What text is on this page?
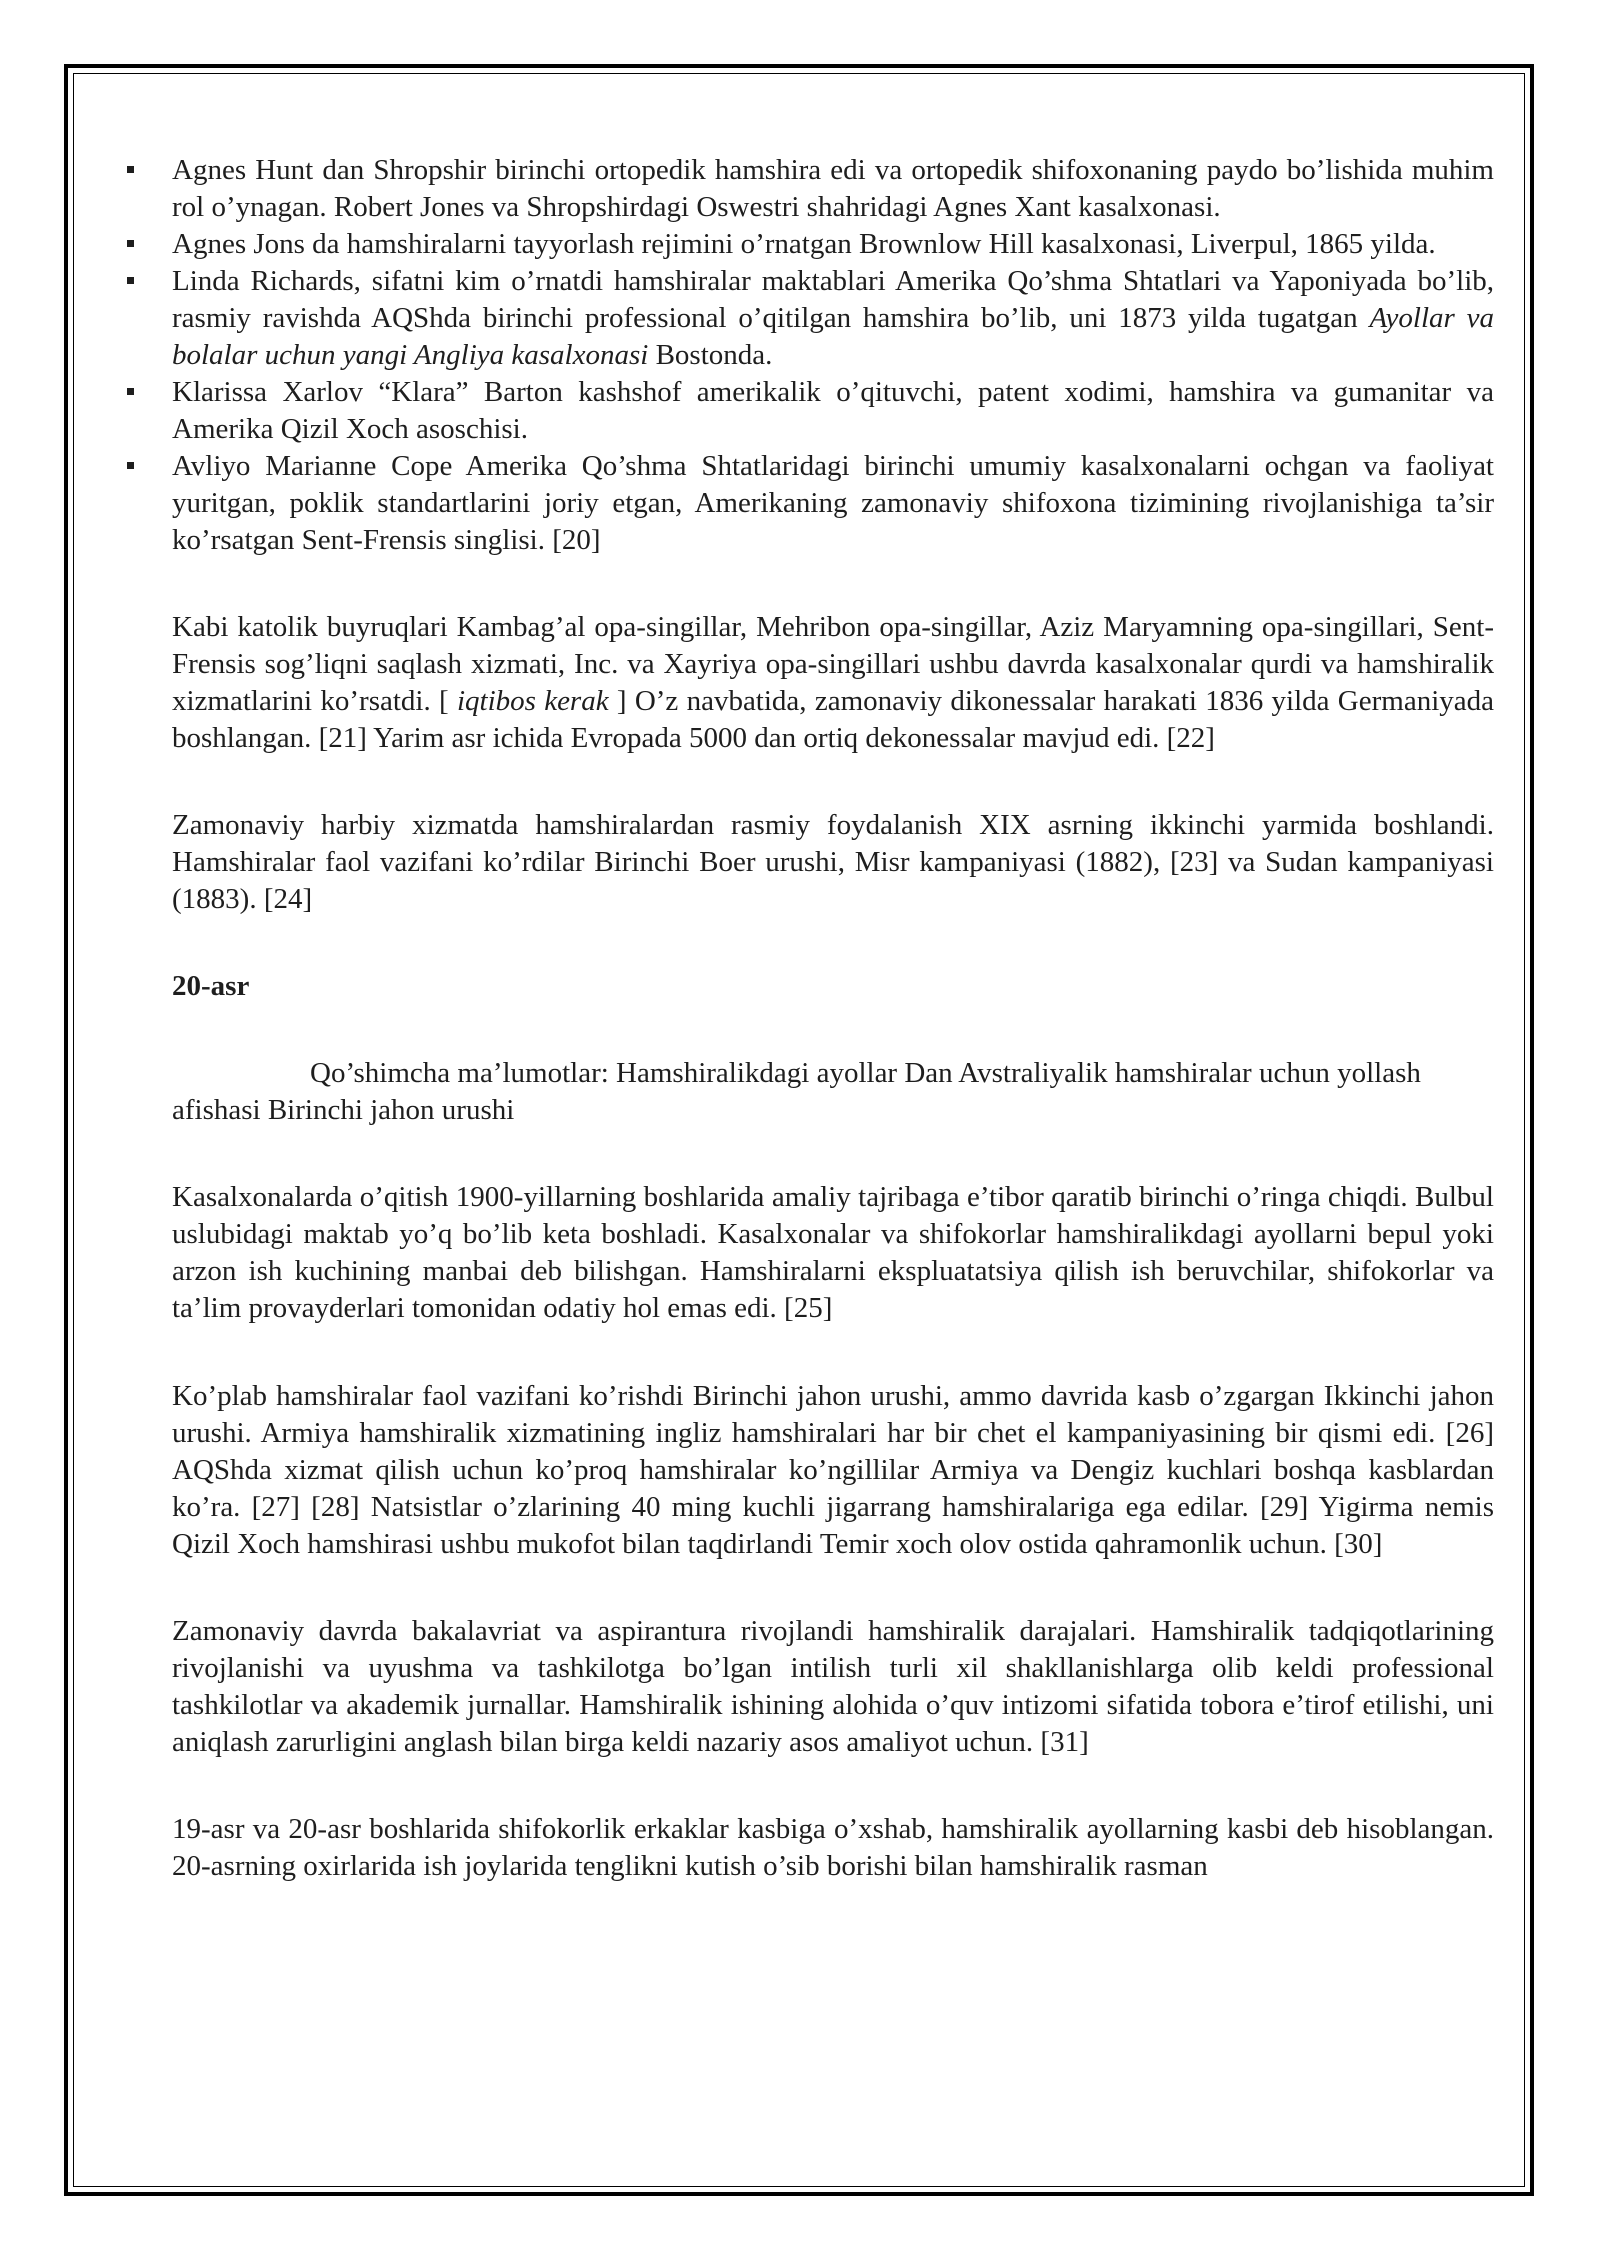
Agnes Hunt dan Shropshir birinchi ortopedik hamshira edi va ortopedik shifoxonaning paydo bo’lishida muhim rol o’ynagan. Robert Jones va Shropshirdagi Oswestri shahridagi Agnes Xant kasalxonasi.
Agnes Jons da hamshiralarni tayyorlash rejimini o’rnatgan Brownlow Hill kasalxonasi, Liverpul, 1865 yilda.
Linda Richards, sifatni kim o’rnatdi hamshiralar maktablari Amerika Qo’shma Shtatlari va Yaponiyada bo’lib, rasmiy ravishda AQShda birinchi professional o’qitilgan hamshira bo’lib, uni 1873 yilda tugatgan Ayollar va bolalar uchun yangi Angliya kasalxonasi Bostonda.
Klarissa Xarlov “Klara” Barton kashshof amerikalik o’qituvchi, patent xodimi, hamshira va gumanitar va Amerika Qizil Xoch asoschisi.
Avliyo Marianne Cope Amerika Qo’shma Shtatlaridagi birinchi umumiy kasalxonalarni ochgan va faoliyat yuritgan, poklik standartlarini joriy etgan, Amerikaning zamonaviy shifoxona tizimining rivojlanishiga ta’sir ko’rsatgan Sent-Frensis singlisi. [20]

Kabi katolik buyruqlari Kambag’al opa-singillar, Mehribon opa-singillar, Aziz Maryamning opa-singillari, Sent-Frensis sog’liqni saqlash xizmati, Inc. va Xayriya opa-singillari ushbu davrda kasalxonalar qurdi va hamshiralik xizmatlarini ko’rsatdi. [ iqtibos kerak ] O’z navbatida, zamonaviy dikonessalar harakati 1836 yilda Germaniyada boshlangan. [21] Yarim asr ichida Evropada 5000 dan ortiq dekonessalar mavjud edi. [22]

Zamonaviy harbiy xizmatda hamshiralardan rasmiy foydalanish XIX asrning ikkinchi yarmida boshlandi. Hamshiralar faol vazifani ko’rdilar Birinchi Boer urushi, Misr kampaniyasi (1882), [23] va Sudan kampaniyasi (1883). [24]

20-asr

Qo’shimcha ma’lumotlar: Hamshiralikdagi ayollar Dan Avstraliyalik hamshiralar uchun yollash afishasi Birinchi jahon urushi

Kasalxonalarda o’qitish 1900-yillarning boshlarida amaliy tajribaga e’tibor qaratib birinchi o’ringa chiqdi. Bulbul uslubidagi maktab yo’q bo’lib keta boshladi. Kasalxonalar va shifokorlar hamshiralikdagi ayollarni bepul yoki arzon ish kuchining manbai deb bilishgan. Hamshiralarni ekspluatatsiya qilish ish beruvchilar, shifokorlar va ta’lim provayderlari tomonidan odatiy hol emas edi. [25]

Ko’plab hamshiralar faol vazifani ko’rishdi Birinchi jahon urushi, ammo davrida kasb o’zgargan Ikkinchi jahon urushi. Armiya hamshiralik xizmatining ingliz hamshiralari har bir chet el kampaniyasining bir qismi edi. [26] AQShda xizmat qilish uchun ko’proq hamshiralar ko’ngillilar Armiya va Dengiz kuchlari boshqa kasblardan ko’ra. [27] [28] Natsistlar o’zlarining 40 ming kuchli jigarrang hamshiralariga ega edilar. [29] Yigirma nemis Qizil Xoch hamshirasi ushbu mukofot bilan taqdirlandi Temir xoch olov ostida qahramonlik uchun. [30]

Zamonaviy davrda bakalavriat va aspirantura rivojlandi hamshiralik darajalari. Hamshiralik tadqiqotlarining rivojlanishi va uyushma va tashkilotga bo’lgan intilish turli xil shakllanishlarga olib keldi professional tashkilotlar va akademik jurnallar. Hamshiralik ishining alohida o’quv intizomi sifatida tobora e’tirof etilishi, uni aniqlash zarurligini anglash bilan birga keldi nazariy asos amaliyot uchun. [31]

19-asr va 20-asr boshlarida shifokorlik erkaklar kasbiga o’xshab, hamshiralik ayollarning kasbi deb hisoblangan. 20-asrning oxirlarida ish joylarida tenglikni kutish o’sib borishi bilan hamshiralik rasman
